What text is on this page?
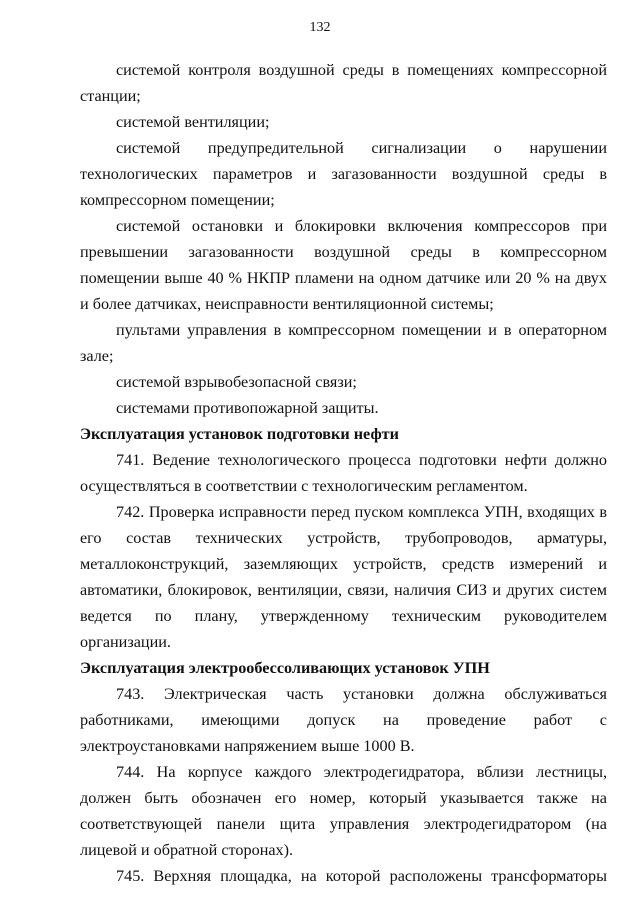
132

системой контроля воздушной среды в помещениях компрессорной станции;

системой вентиляции;

системой предупредительной сигнализации о нарушении технологических параметров и загазованности воздушной среды в компрессорном помещении;

системой остановки и блокировки включения компрессоров при превышении загазованности воздушной среды в компрессорном помещении выше 40 % НКПР пламени на одном датчике или 20 % на двух и более датчиках, неисправности вентиляционной системы;

пультами управления в компрессорном помещении и в операторном зале;

системой взрывобезопасной связи;

системами противопожарной защиты.

Эксплуатация установок подготовки нефти

741. Ведение технологического процесса подготовки нефти должно осуществляться в соответствии с технологическим регламентом.

742. Проверка исправности перед пуском комплекса УПН, входящих в его состав технических устройств, трубопроводов, арматуры, металлоконструкций, заземляющих устройств, средств измерений и автоматики, блокировок, вентиляции, связи, наличия СИЗ и других систем ведется по плану, утвержденному техническим руководителем организации.

Эксплуатация электрообессоливающих установок УПН

743. Электрическая часть установки должна обслуживаться работниками, имеющими допуск на проведение работ с электроустановками напряжением выше 1000 В.

744. На корпусе каждого электродегидратора, вблизи лестницы, должен быть обозначен его номер, который указывается также на соответствующей панели щита управления электродегидратором (на лицевой и обратной сторонах).

745. Верхняя площадка, на которой расположены трансформаторы
